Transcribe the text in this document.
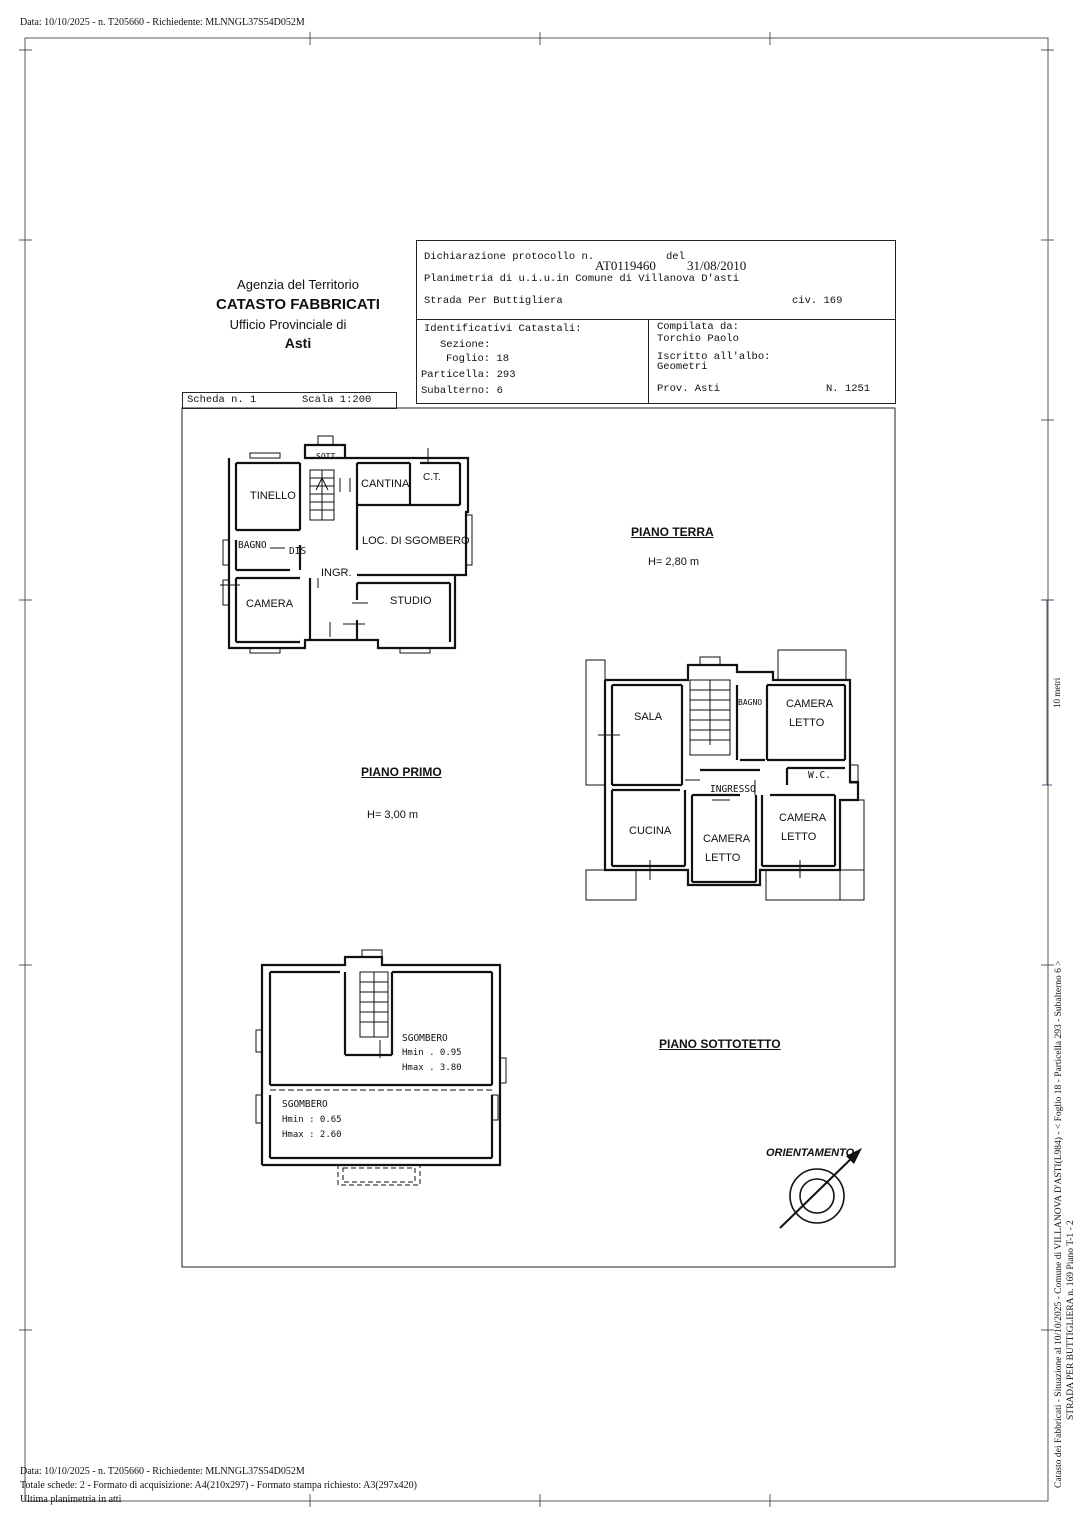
Data: 10/10/2025 - n. T205660 - Richiedente: MLNNGL37S54D052M
Agenzia del Territorio
CATASTO FABBRICATI
Ufficio Provinciale di
Asti
Dichiarazione protocollo n.
AT0119460
del
31/08/2010
Planimetria di u.i.u.in Comune di Villanova D'asti
Strada Per Buttigliera	civ. 169
Identificativi Catastali:
Sezione:
Foglio: 18
Particella: 293
Subalterno: 6
Compilata da:
Torchio Paolo
Iscritto all'albo:
Geometri
Prov. Asti	N. 1251
Scheda n. 1	Scala 1:200
PIANO TERRA
H= 2,80 m
SOTT.
CANTINA
C.T.
TINELLO
LOC. DI SGOMBERO
BAGNO
DIS
INGR.
CAMERA	STUDIO
PIANO PRIMO
H= 3,00 m
SALA
BAGNO CAMERA
LETTO
W.C.
INGRESSO
CUCINA
CAMERA
LETTO
CAMERA
LETTO
PIANO SOTTOTETTO
SGOMBERO
Hmin . 0.95
Hmax . 3.80
SGOMBERO
Hmin : 0.65
Hmax : 2.60
ORIENTAMENTO
10 metri
Catasto dei Fabbricati - Situazione al 10/10/2025 - Comune di VILLANOVA D'ASTI(L984) - < Foglio 18 - Particella 293 - Subalterno 6 > STRADA PER BUTTIGLIERA n. 169 Piano T-1 - 2
Data: 10/10/2025 - n. T205660 - Richiedente: MLNNGL37S54D052M
Totale schede: 2 - Formato di acquisizione: A4(210x297) - Formato stampa richiesto: A3(297x420)
Ultima planimetria in atti
